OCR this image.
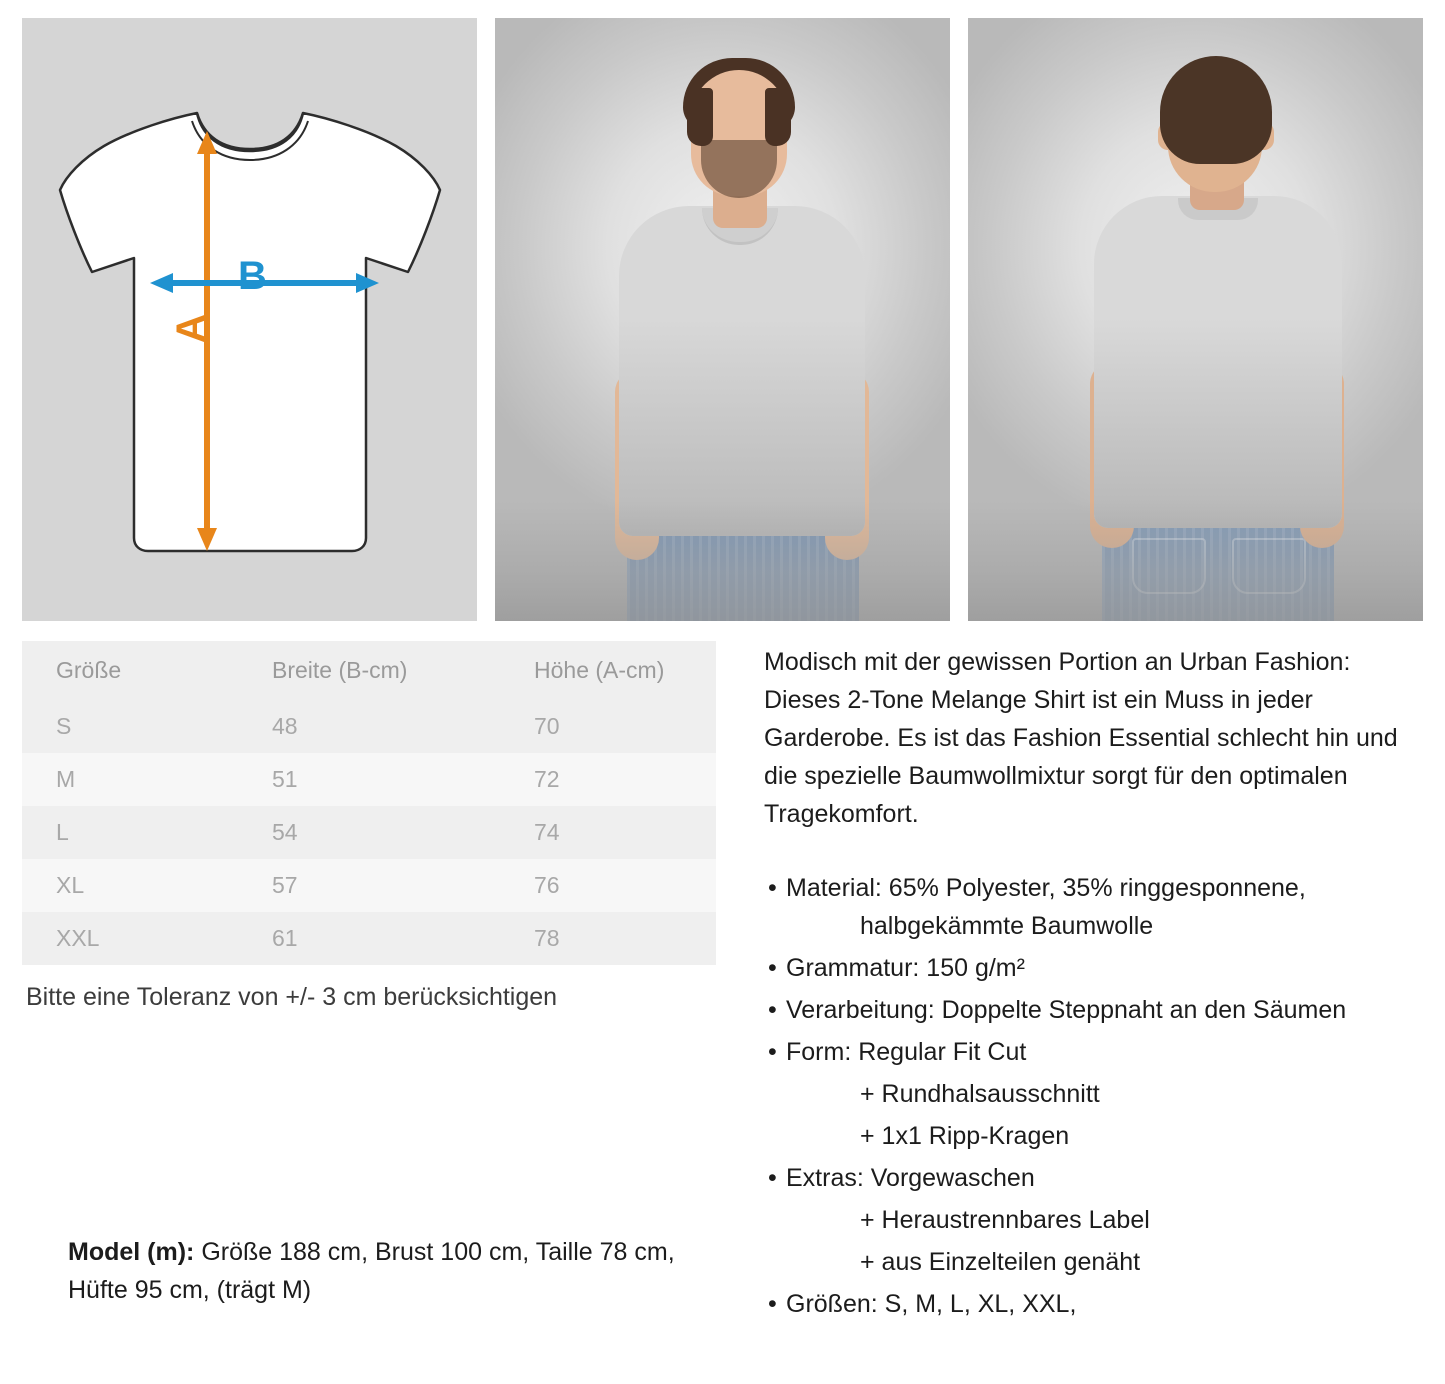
A
B
Größe	Breite (B-cm)	Höhe (A-cm)
S	48	70
M	51	72
L	54	74
XL	57	76
XXL	61	78
Bitte eine Toleranz von +/- 3 cm berücksichtigen
Model (m): Größe 188 cm, Brust 100 cm, Taille 78 cm, Hüfte 95 cm, (trägt M)

Modisch mit der gewissen Portion an Urban Fashion: Dieses 2-Tone Melange Shirt ist ein Muss in jeder Garderobe. Es ist das Fashion Essential schlecht hin und die spezielle Baumwollmixtur sorgt für den optimalen Tragekomfort.

• Material: 65% Polyester, 35% ringgesponnene,
halbgekämmte Baumwolle
• Grammatur: 150 g/m²
• Verarbeitung: Doppelte Steppnaht an den Säumen
• Form: Regular Fit Cut
+ Rundhalsausschnitt
+ 1x1 Ripp-Kragen
• Extras: Vorgewaschen
+ Heraustrennbares Label
+ aus Einzelteilen genäht
• Größen: S, M, L, XL, XXL,
